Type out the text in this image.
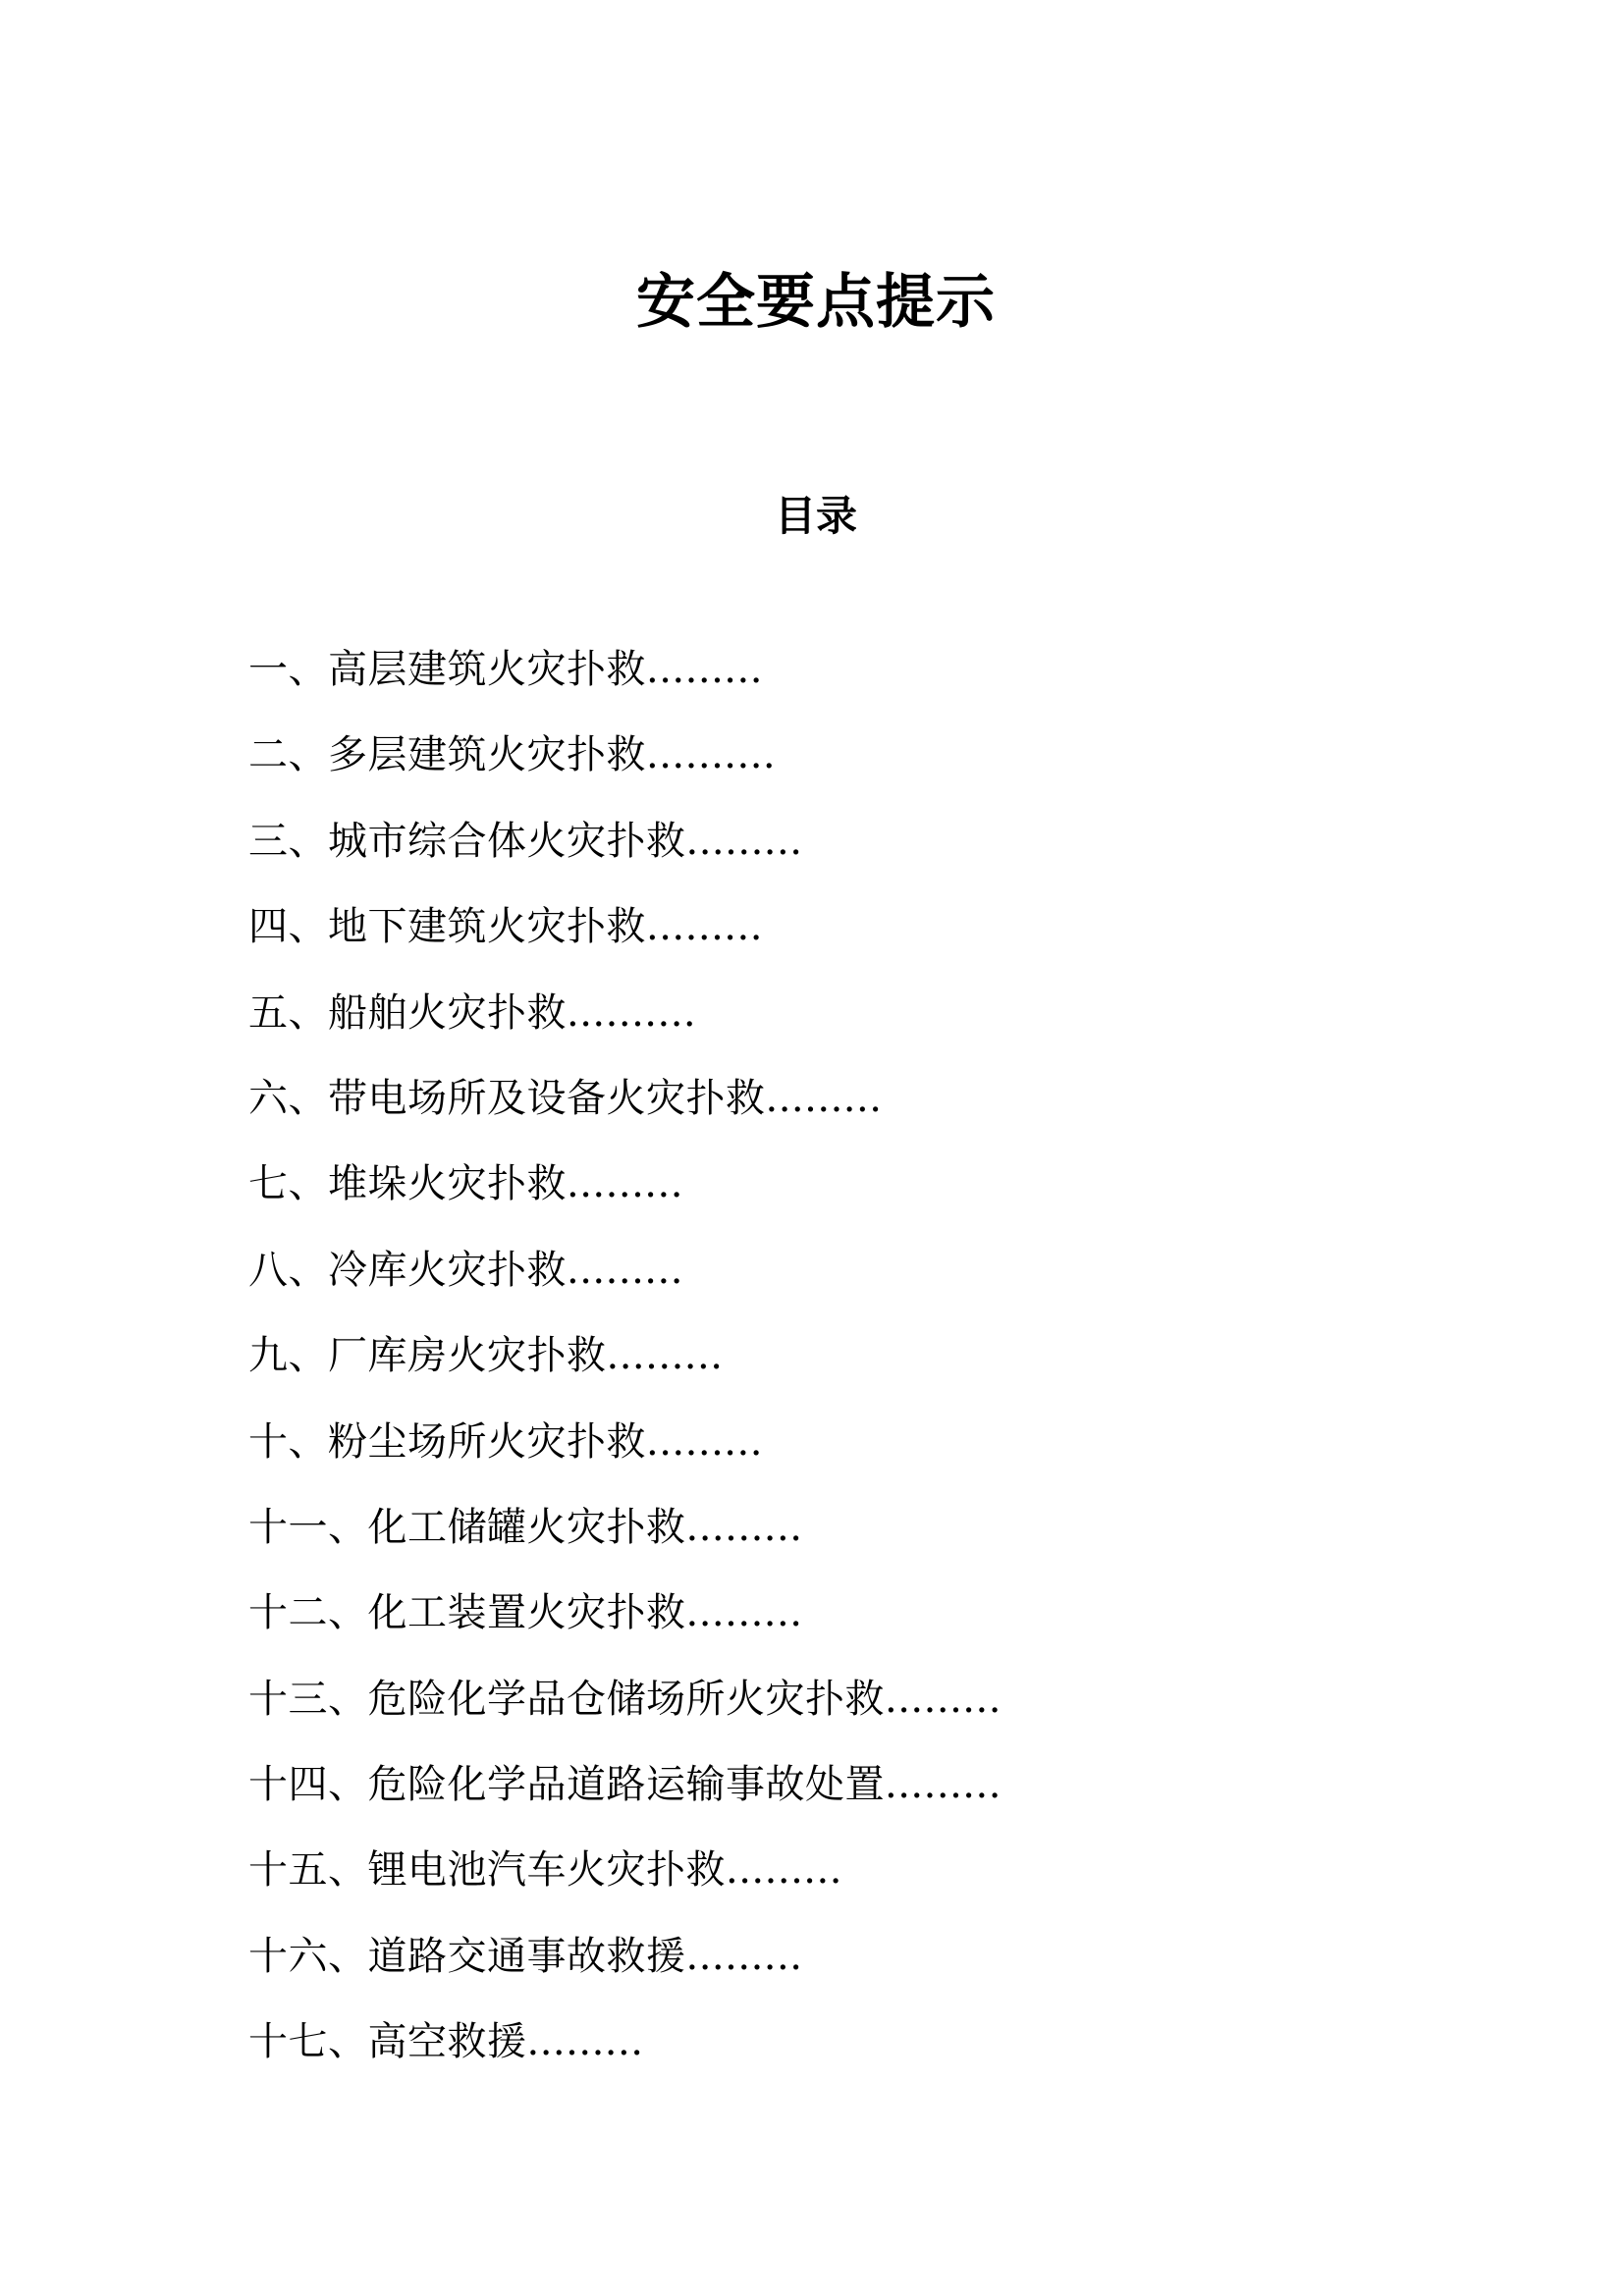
安全要点提示
目录
一、高层建筑火灾扑救.........
二、多层建筑火灾扑救..........
三、城市综合体火灾扑救.........
四、地下建筑火灾扑救.........
五、船舶火灾扑救..........
六、带电场所及设备火灾扑救.........
七、堆垛火灾扑救.........
八、冷库火灾扑救.........
九、厂库房火灾扑救.........
十、粉尘场所火灾扑救.........
十一、化工储罐火灾扑救.........
十二、化工装置火灾扑救.........
十三、危险化学品仓储场所火灾扑救.........
十四、危险化学品道路运输事故处置.........
十五、锂电池汽车火灾扑救.........
十六、道路交通事故救援.........
十七、高空救援.........
